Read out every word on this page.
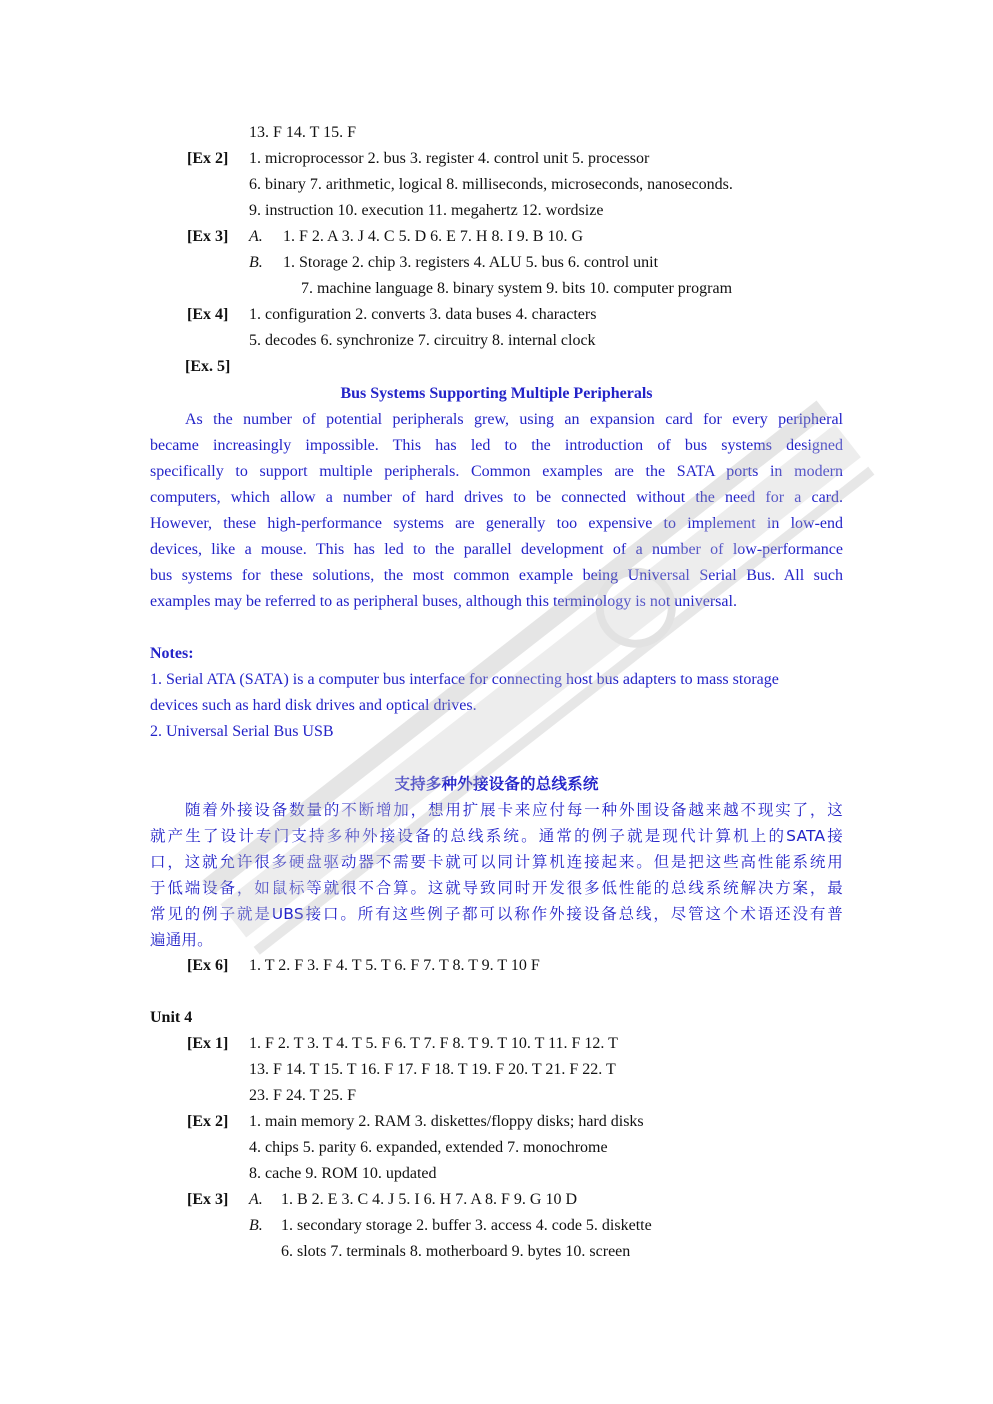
13. F 14. T 15. F
[Ex 2] 1. microprocessor 2. bus 3. register 4. control unit 5. processor
6. binary 7. arithmetic, logical 8. milliseconds, microseconds, nanoseconds.
9. instruction 10. execution 11. megahertz 12. wordsize
[Ex 3] A. 1. F 2. A 3. J 4. C 5. D 6. E 7. H 8. I 9. B 10. G
B. 1. Storage 2. chip 3. registers 4. ALU 5. bus 6. control unit
7. machine language 8. binary system 9. bits 10. computer program
[Ex 4] 1. configuration 2. converts 3. data buses 4. characters
5. decodes 6. synchronize 7. circuitry 8. internal clock
[Ex. 5]
Bus Systems Supporting Multiple Peripherals
As the number of potential peripherals grew, using an expansion card for every peripheral
became increasingly impossible. This has led to the introduction of bus systems designed
specifically to support multiple peripherals. Common examples are the SATA ports in modern
computers, which allow a number of hard drives to be connected without the need for a card.
However, these high-performance systems are generally too expensive to implement in low-end
devices, like a mouse. This has led to the parallel development of a number of low-performance
bus systems for these solutions, the most common example being Universal Serial Bus. All such
examples may be referred to as peripheral buses, although this terminology is not universal.
Notes:
1. Serial ATA (SATA) is a computer bus interface for connecting host bus adapters to mass storage
devices such as hard disk drives and optical drives.
2. Universal Serial Bus USB
支持多种外接设备的总线系统
随着外接设备数量的不断增加，想用扩展卡来应付每一种外围设备越来越不现实了，这
就产生了设计专门支持多种外接设备的总线系统。通常的例子就是现代计算机上的SATA接
口，这就允许很多硬盘驱动器不需要卡就可以同计算机连接起来。但是把这些高性能系统用
于低端设备，如鼠标等就很不合算。这就导致同时开发很多低性能的总线系统解决方案，最
常见的例子就是UBS接口。所有这些例子都可以称作外接设备总线，尽管这个术语还没有普
遍通用。
[Ex 6] 1. T 2. F 3. F 4. T 5. T 6. F 7. T 8. T 9. T 10 F
Unit 4
[Ex 1] 1. F 2. T 3. T 4. T 5. F 6. T 7. F 8. T 9. T 10. T 11. F 12. T
13. F 14. T 15. T 16. F 17. F 18. T 19. F 20. T 21. F 22. T
23. F 24. T 25. F
[Ex 2] 1. main memory 2. RAM 3. diskettes/floppy disks; hard disks
4. chips 5. parity 6. expanded, extended 7. monochrome
8. cache 9. ROM 10. updated
[Ex 3] A. 1. B 2. E 3. C 4. J 5. I 6. H 7. A 8. F 9. G 10 D
B. 1. secondary storage 2. buffer 3. access 4. code 5. diskette
6. slots 7. terminals 8. motherboard 9. bytes 10. screen
